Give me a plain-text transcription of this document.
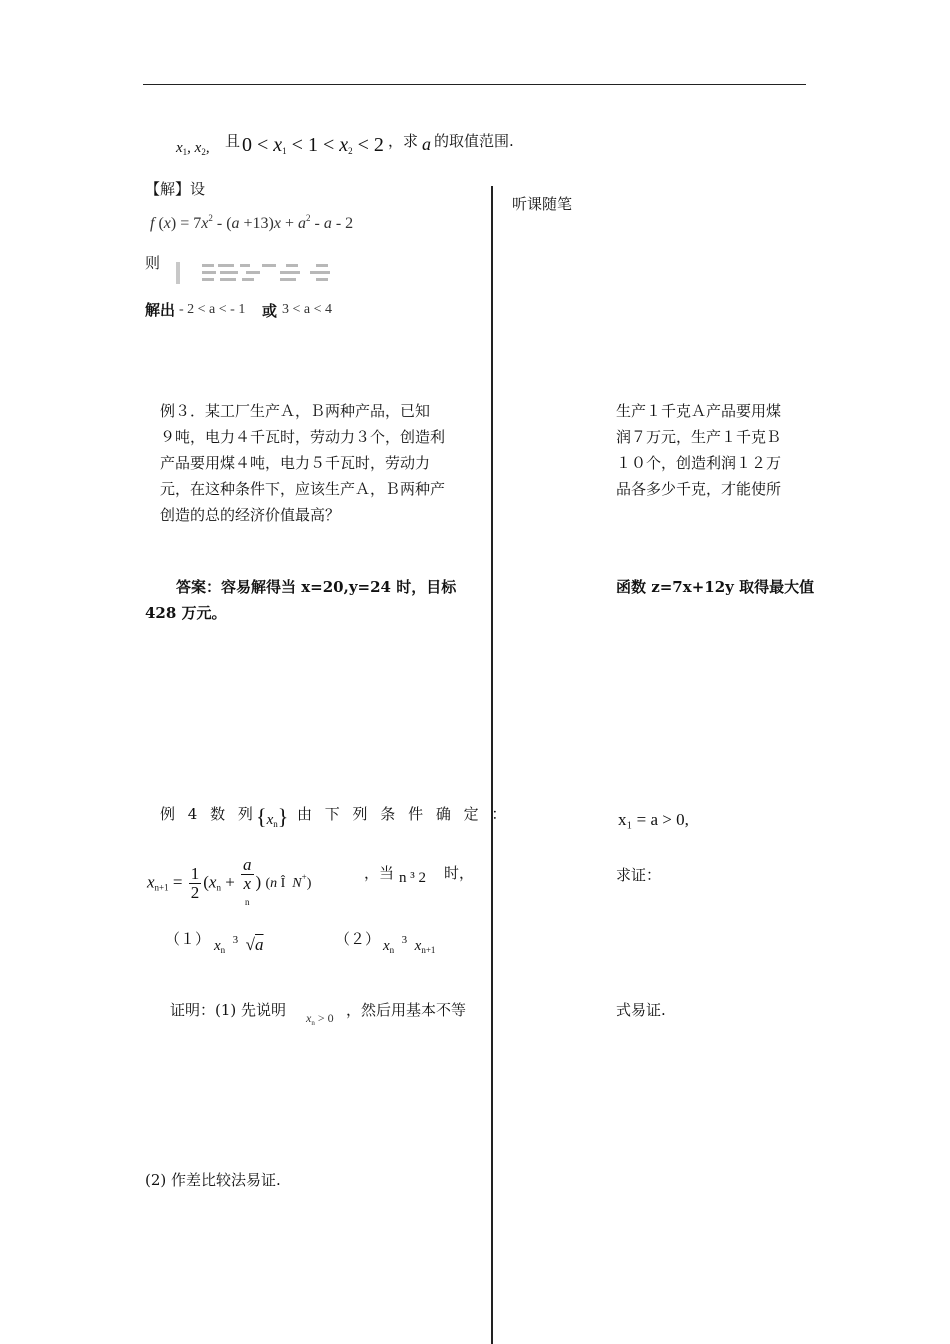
$x_1$, $x_2$, 且 $0 < x_1 < 1 < x_2 < 2$ ，求 a 的取值范围.
【解】设
f $(x) = 7x^2 - (a +13)x + a^2 - a - 2$
则
解出 - 2 < a < - 1 或 3 < a < 4
听课随笔
例３．某工厂生产Ａ，Ｂ两种产品，已知
９吨，电力４千瓦时，劳动力３个，创造利
产品要用煤４吨，电力５千瓦时，劳动力
元，在这种条件下，应该生产Ａ，Ｂ两种产
创造的总的经济价值最高？
生产１千克Ａ产品要用煤
润７万元，生产１千克Ｂ
１０个，创造利润１２万
品各多少千克，才能使所
答案：容易解得当 x=20,y=24 时，目标
428 万元。
函数 z=7x+12y 取得最大值
例 4 数 列 $\{x_n\}$ 由 下 列 条 件 确 定 ：	x₁ = a > 0,
$x_{n+1} = \frac{1}{2} (x_n + a$
x
n ) (n Î  N+)
，当 n ³ 2 时，	求证：
（１） $x_n$  $^3$ √a	（２） $x_n$  $^3$ $x_{n+1}$
证明：(1) 先说明 $x_n > 0$ ，然后用基本不等	式易证.
(2) 作差比较法易证.
